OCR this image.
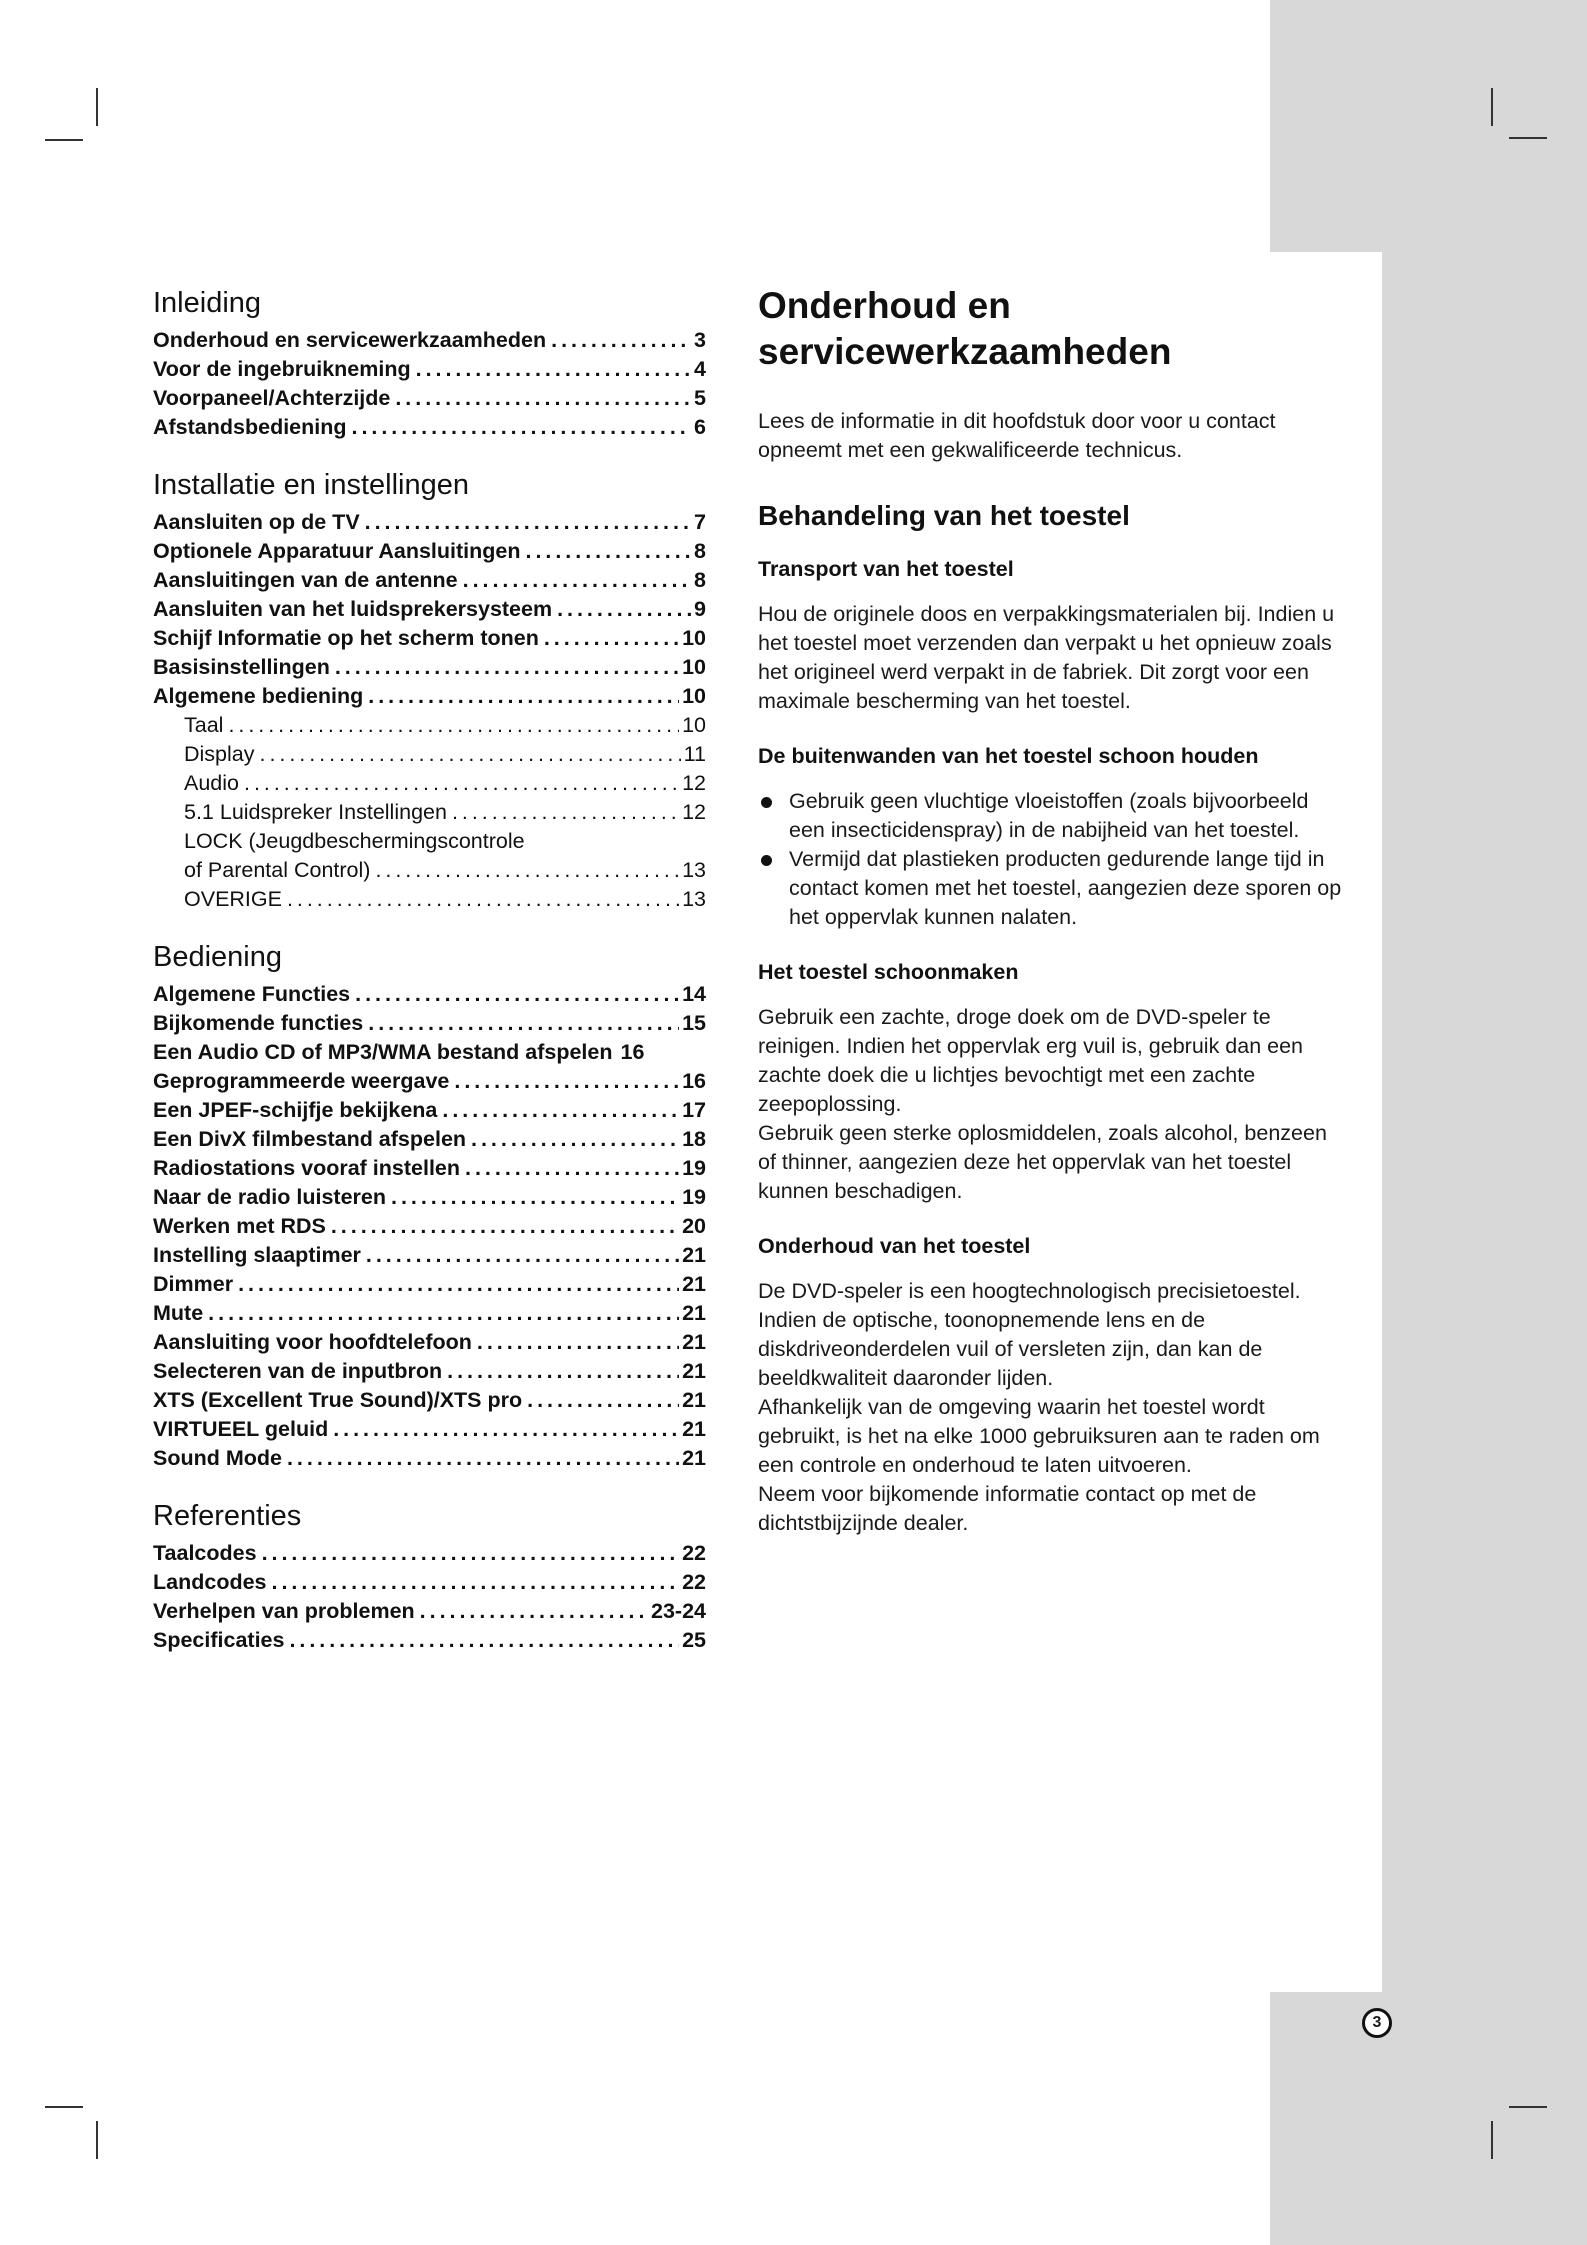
Inleiding
Onderhoud en servicewerkzaamheden . . .	3
Voor de ingebruikneming . . .	4
Voorpaneel/Achterzijde . . .	5
Afstandsbediening . . .	6
Installatie en instellingen
Aansluiten op de TV . . .	7
Optionele Apparatuur Aansluitingen . . .	8
Aansluitingen van de antenne . . .	8
Aansluiten van het luidsprekersysteem . . .	9
Schijf Informatie op het scherm tonen . . .	10
Basisinstellingen . . .	10
Algemene bediening . . .	10
Taal . . .	10
Display . . .	11
Audio . . .	12
5.1 Luidspreker Instellingen . . .	12
LOCK (Jeugdbeschermingscontrole
of Parental Control) . . .	13
OVERIGE . . .	13
Bediening
Algemene Functies . . .	14
Bijkomende functies . . .	15
Een Audio CD of MP3/WMA bestand afspelen 16
Geprogrammeerde weergave . . .	16
Een JPEF-schijfje bekijkena . . .	17
Een DivX filmbestand afspelen . . .	18
Radiostations vooraf instellen . . .	19
Naar de radio luisteren . . .	19
Werken met RDS . . .	20
Instelling slaaptimer . . .	21
Dimmer . . .	21
Mute . . .	21
Aansluiting voor hoofdtelefoon . . .	21
Selecteren van de inputbron . . .	21
XTS (Excellent True Sound)/XTS pro . . .	21
VIRTUEEL geluid . . .	21
Sound Mode . . .	21
Referenties
Taalcodes . . .	22
Landcodes . . .	22
Verhelpen van problemen . . .	23-24
Specificaties . . .	25
Onderhoud en servicewerkzaamheden

Lees de informatie in dit hoofdstuk door voor u contact opneemt met een gekwalificeerde technicus.

Behandeling van het toestel
Transport van het toestel

Hou de originele doos en verpakkingsmaterialen bij. Indien u het toestel moet verzenden dan verpakt u het opnieuw zoals het origineel werd verpakt in de fabriek. Dit zorgt voor een maximale bescherming van het toestel.

De buitenwanden van het toestel schoon houden
Gebruik geen vluchtige vloeistoffen (zoals bijvoorbeeld een insecticidenspray) in de nabijheid van het toestel.
Vermijd dat plastieken producten gedurende lange tijd in contact komen met het toestel, aangezien deze sporen op het oppervlak kunnen nalaten.
Het toestel schoonmaken

Gebruik een zachte, droge doek om de DVD-speler te reinigen. Indien het oppervlak erg vuil is, gebruik dan een zachte doek die u lichtjes bevochtigt met een zachte zeepoplossing.

Gebruik geen sterke oplosmiddelen, zoals alcohol, benzeen of thinner, aangezien deze het oppervlak van het toestel kunnen beschadigen.

Onderhoud van het toestel

De DVD-speler is een hoogtechnologisch precisietoestel. Indien de optische, toonopnemende lens en de diskdriveonderdelen vuil of versleten zijn, dan kan de beeldkwaliteit daaronder lijden.

Afhankelijk van de omgeving waarin het toestel wordt gebruikt, is het na elke 1000 gebruiksuren aan te raden om een controle en onderhoud te laten uitvoeren.

Neem voor bijkomende informatie contact op met de dichtstbijzijnde dealer.

3
